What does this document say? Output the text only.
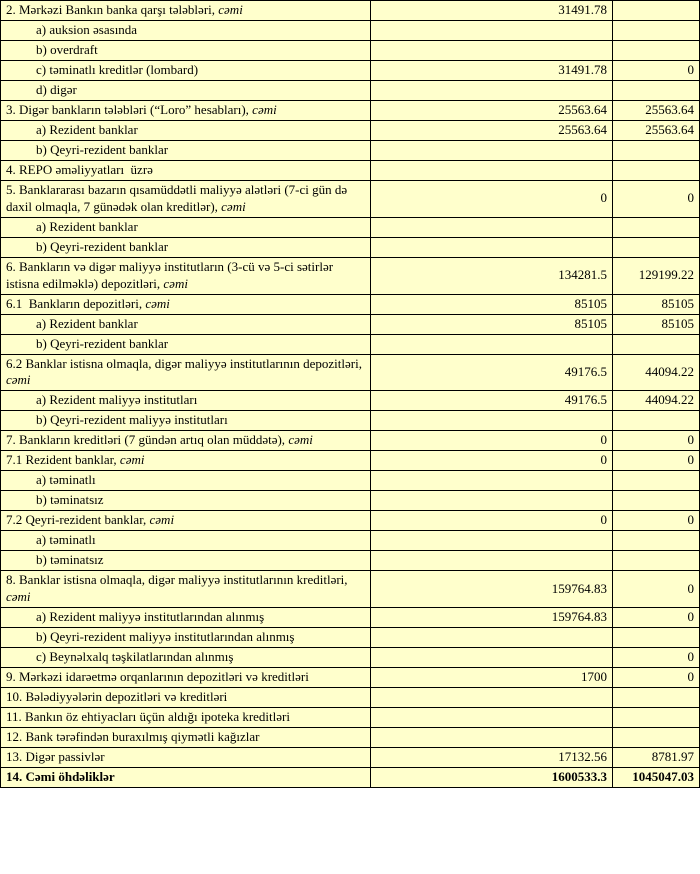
2. Mərkəzi Bankın banka qarşı tələbləri, cəmi	31491.78	
a) auksion əsasında		
b) overdraft		
c) təminatlı kreditlər (lombard)	31491.78	0
d) digər		
3. Digər bankların tələbləri (“Loro” hesabları), cəmi	25563.64	25563.64
a) Rezident banklar	25563.64	25563.64
b) Qeyri-rezident banklar		
4. REPO əməliyyatları  üzrə		
5. Banklararası bazarın qısamüddətli maliyyə alətləri (7-ci gün də daxil olmaqla, 7 günədək olan kreditlər), cəmi	0	0
a) Rezident banklar		
b) Qeyri-rezident banklar		
6. Bankların və digər maliyyə institutların (3-cü və 5-ci sətirlər istisna edilməklə) depozitləri, cəmi	134281.5	129199.22
6.1  Bankların depozitləri, cəmi	85105	85105
a) Rezident banklar	85105	85105
b) Qeyri-rezident banklar		
6.2 Banklar istisna olmaqla, digər maliyyə institutlarının depozitləri, cəmi	49176.5	44094.22
a) Rezident maliyyə institutları	49176.5	44094.22
b) Qeyri-rezident maliyyə institutları		
7. Bankların kreditləri (7 gündən artıq olan müddətə), cəmi	0	0
7.1 Rezident banklar, cəmi	0	0
a) təminatlı		
b) təminatsız		
7.2 Qeyri-rezident banklar, cəmi	0	0
a) təminatlı		
b) təminatsız		
8. Banklar istisna olmaqla, digər maliyyə institutlarının kreditləri, cəmi	159764.83	0
a) Rezident maliyyə institutlarından alınmış	159764.83	0
b) Qeyri-rezident maliyyə institutlarından alınmış		
c) Beynəlxalq təşkilatlarından alınmış		0
9. Mərkəzi idarəetmə orqanlarının depozitləri və kreditləri	1700	0
10. Bələdiyyələrin depozitləri və kreditləri		
11. Bankın öz ehtiyacları üçün aldığı ipoteka kreditləri		
12. Bank tərəfindən buraxılmış qiymətli kağızlar		
13. Digər passivlər	17132.56	8781.97
14. Cəmi öhdəliklər	1600533.3	1045047.03
